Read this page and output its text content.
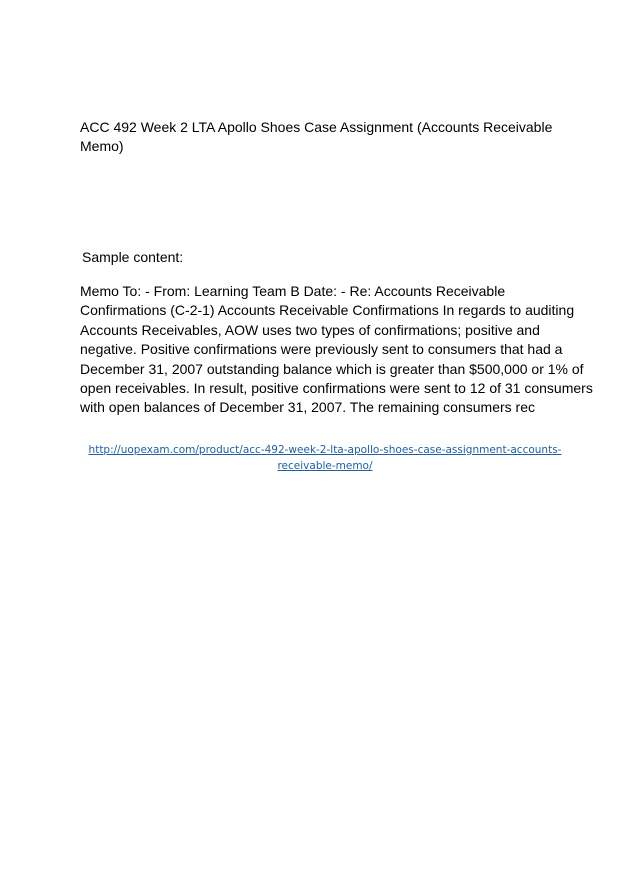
ACC 492 Week 2 LTA Apollo Shoes Case Assignment (Accounts Receivable Memo)
Sample content:
Memo To: - From: Learning Team B Date: - Re: Accounts Receivable
Confirmations (C-2-1) Accounts Receivable Confirmations In regards to auditing
Accounts Receivables, AOW uses two types of confirmations; positive and
negative. Positive confirmations were previously sent to consumers that had a
December 31, 2007 outstanding balance which is greater than $500,000 or 1% of
open receivables. In result, positive confirmations were sent to 12 of 31 consumers
with open balances of December 31, 2007. The remaining consumers rec
http://uopexam.com/product/acc-492-week-2-lta-apollo-shoes-case-assignment-accounts-
receivable-memo/
